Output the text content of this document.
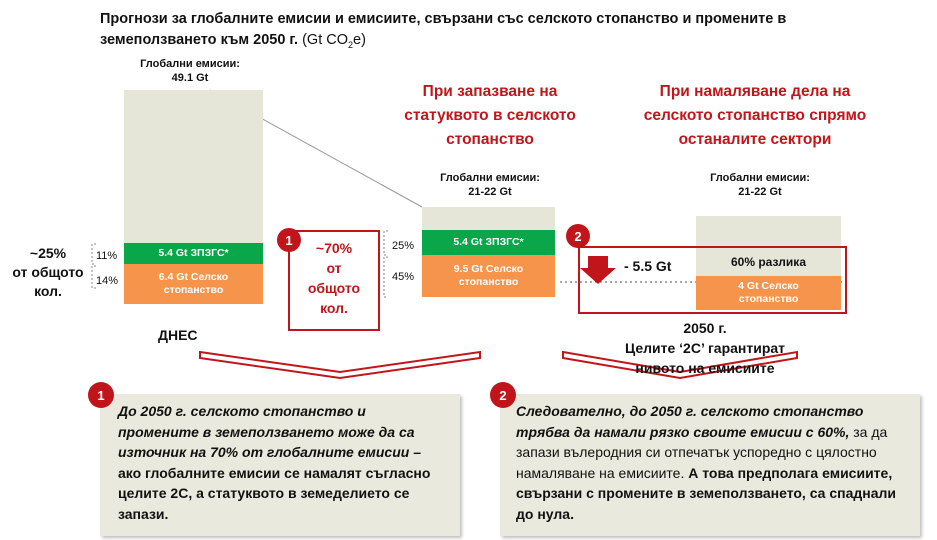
Прогнози за глобалните емисии и емисиите, свързани със селското стопанство и промените в
земеползването към 2050 г. (Gt $CO_2e$)
Глобални емисии:
49.1 Gt
5.4 Gt ЗПЗГС*
6.4 Gt Селско стопанство
11%
14%
~25%
от общото
кол.
ДНЕС
~70%
от
общото
кол.
1
При запазване на
статуквото в селското
стопанство
Глобални емисии:
21-22 Gt
5.4 Gt ЗПЗГС*
9.5 Gt Селско стопанство
25%
45%
При намаляване дела на
селското стопанство спрямо
останалите сектори
Глобални емисии:
21-22 Gt
60% разлика
4 Gt Селско стопанство
2
- 5.5 Gt
2050 г.
Целите ‘2С’ гарантират
нивото на емисиите
До 2050 г. селското стопанство и промените в земеползването може да са източник на 70% от глобалните емисии – ако глобалните емисии се намалят съгласно целите 2С, а статуквото в земеделието се запази.
1
Следователно, до 2050 г. селското стопанство трябва да намали рязко своите емисии с 60%, за да запази вълеродния си отпечатък успоредно с цялостно намаляване на емисиите. А това предполага емисиите, свързани с промените в земеползването, са спаднали до нула.
2
